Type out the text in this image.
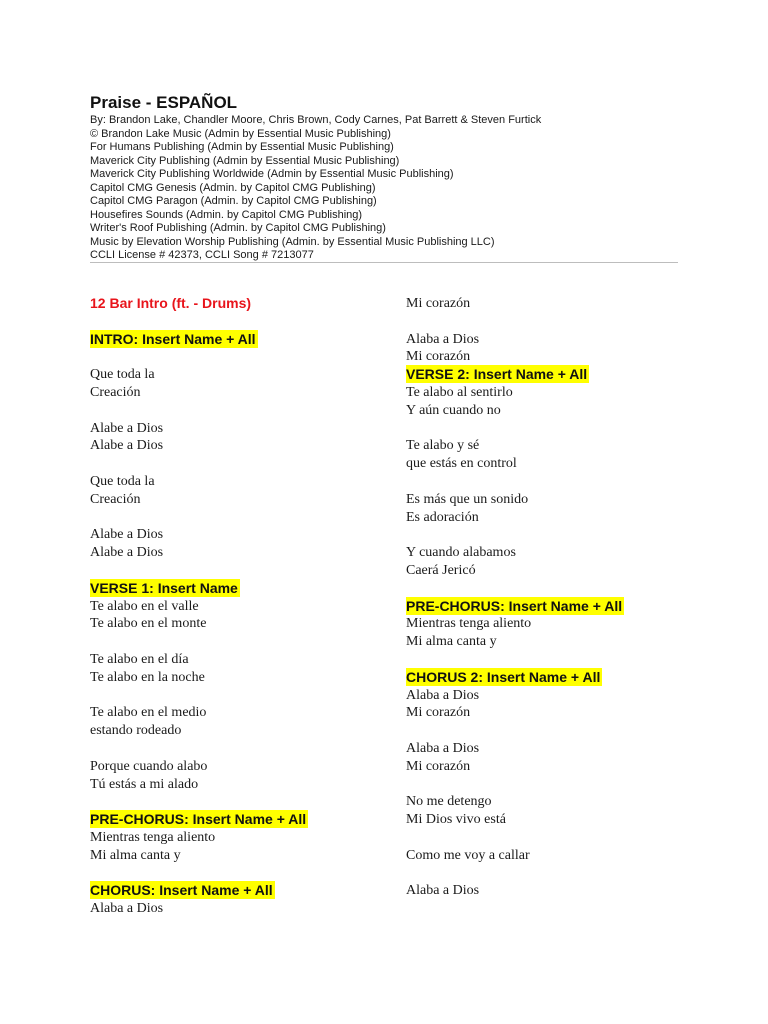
Praise - ESPAÑOL
By: Brandon Lake, Chandler Moore, Chris Brown, Cody Carnes, Pat Barrett & Steven Furtick
© Brandon Lake Music (Admin by Essential Music Publishing)
For Humans Publishing (Admin by Essential Music Publishing)
Maverick City Publishing (Admin by Essential Music Publishing)
Maverick City Publishing Worldwide (Admin by Essential Music Publishing)
Capitol CMG Genesis (Admin. by Capitol CMG Publishing)
Capitol CMG Paragon (Admin. by Capitol CMG Publishing)
Housefires Sounds (Admin. by Capitol CMG Publishing)
Writer's Roof Publishing (Admin. by Capitol CMG Publishing)
Music by Elevation Worship Publishing (Admin. by Essential Music Publishing LLC)
CCLI License # 42373, CCLI Song # 7213077
12 Bar Intro (ft. - Drums)
INTRO: Insert Name + All
Que toda la
Creación
Alabe a Dios
Alabe a Dios
Que toda la
Creación
Alabe a Dios
Alabe a Dios
VERSE 1: Insert Name
Te alabo en el valle
Te alabo en el monte
Te alabo en el día
Te alabo en la noche
Te alabo en el medio
estando rodeado
Porque cuando alabo
Tú estás a mi alado
PRE-CHORUS: Insert Name + All
Mientras tenga aliento
Mi alma canta y
CHORUS: Insert Name + All
Alaba a Dios
Mi corazón
Alaba a Dios
Mi corazón
VERSE 2: Insert Name + All
Te alabo al sentirlo
Y aún cuando no
Te alabo y sé
que estás en control
Es más que un sonido
Es adoración
Y cuando alabamos
Caerá Jericó
PRE-CHORUS: Insert Name + All
Mientras tenga aliento
Mi alma canta y
CHORUS 2: Insert Name + All
Alaba a Dios
Mi corazón
Alaba a Dios
Mi corazón
No me detengo
Mi Dios vivo está
Como me voy a callar
Alaba a Dios
